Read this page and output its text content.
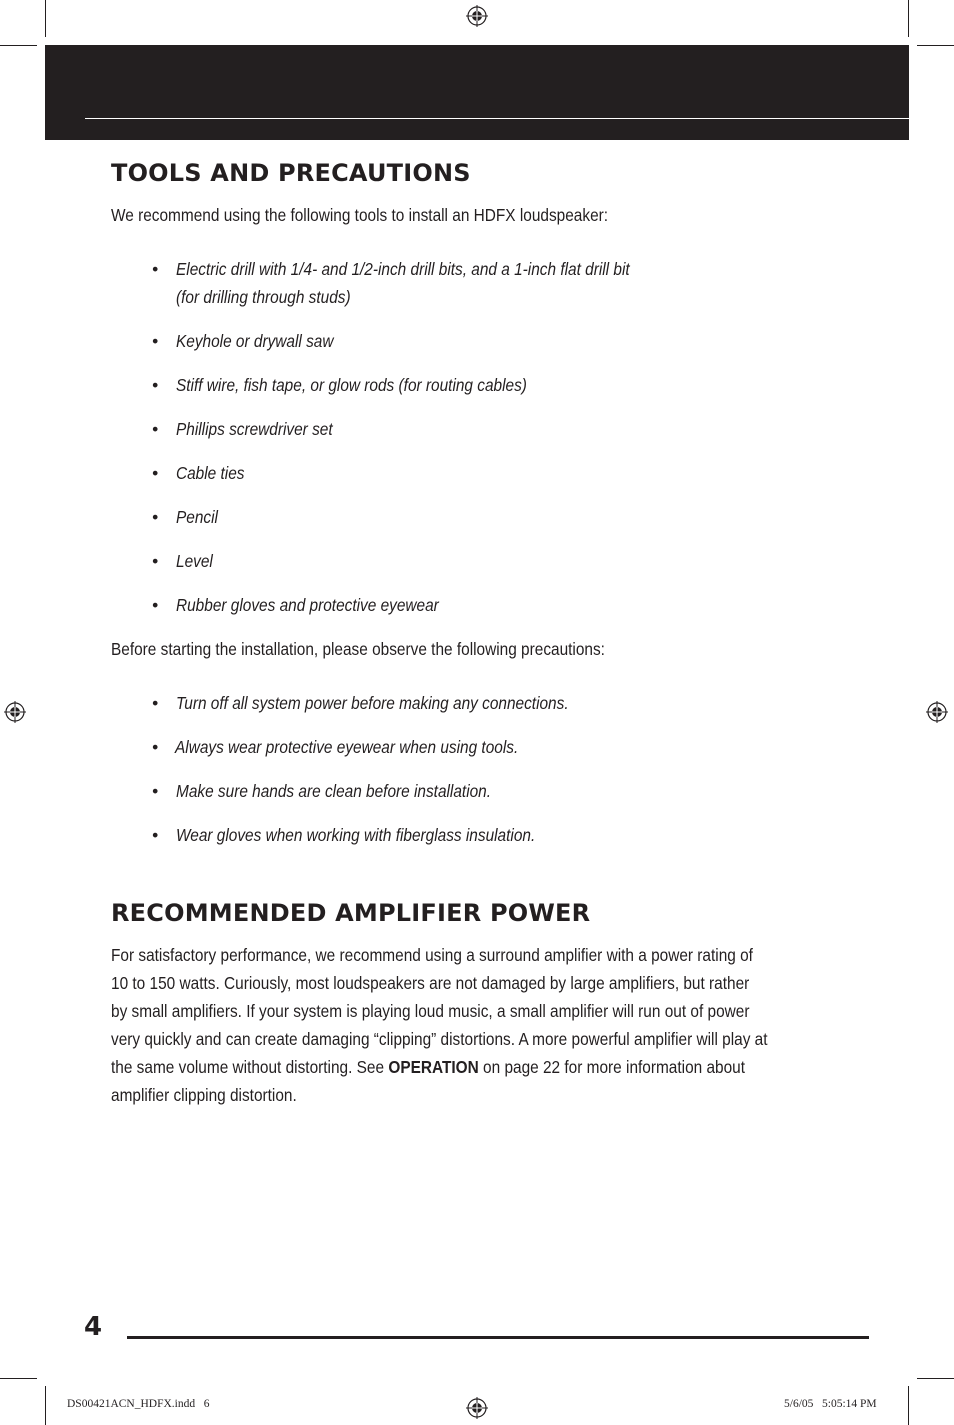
TOOLS AND PRECAUTIONS

We recommend using the following tools to install an HDFX loudspeaker:

• Electric drill with 1/4- and 1/2-inch drill bits, and a 1-inch flat drill bit
(for drilling through studs)
• Keyhole or drywall saw
• Stiff wire, fish tape, or glow rods (for routing cables)
• Phillips screwdriver set
• Cable ties
• Pencil
• Level
• Rubber gloves and protective eyewear

Before starting the installation, please observe the following precautions:

• Turn off all system power before making any connections.
• Always wear protective eyewear when using tools.
• Make sure hands are clean before installation.
• Wear gloves when working with fiberglass insulation.
RECOMMENDED AMPLIFIER POWER

For satisfactory performance, we recommend using a surround amplifier with a power rating of

10 to 150 watts. Curiously, most loudspeakers are not damaged by large amplifiers, but rather

by small amplifiers. If your system is playing loud music, a small amplifier will run out of power

very quickly and can create damaging “clipping” distortions. A more powerful amplifier will play at

the same volume without distorting. See OPERATION on page 22 for more information about

amplifier clipping distortion.

4
DS00421ACN_HDFX.indd   6	5/6/05   5:05:14 PM
